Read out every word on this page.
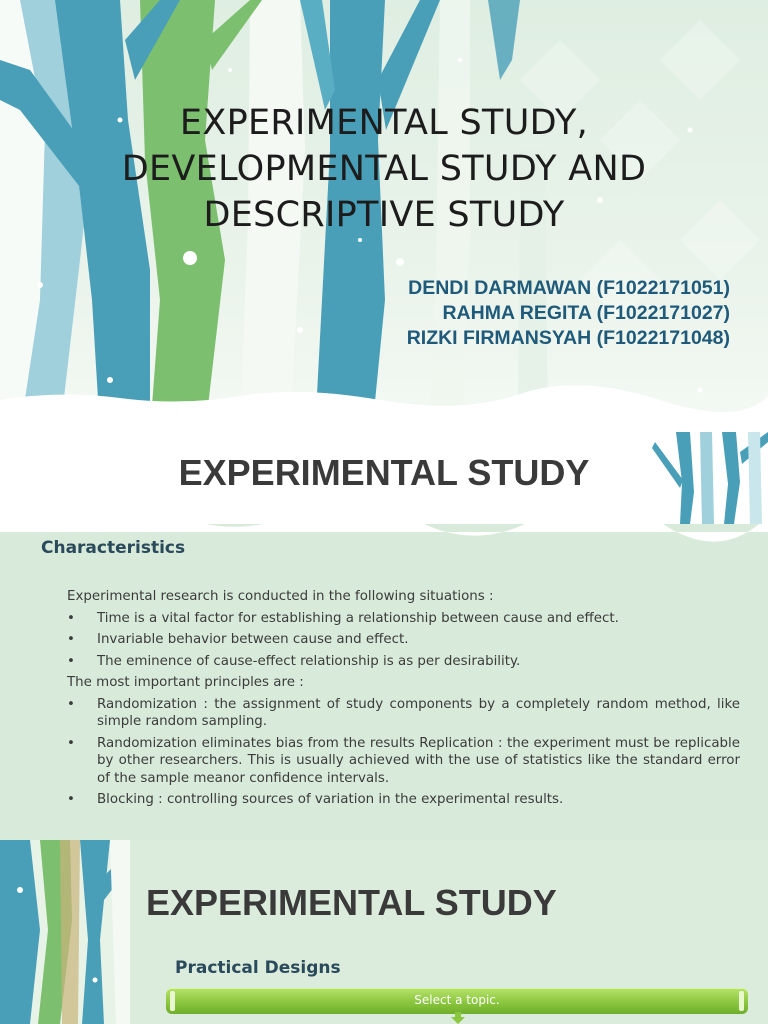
EXPERIMENTAL STUDY,
DEVELOPMENTAL STUDY AND
DESCRIPTIVE STUDY
DENDI DARMAWAN (F1022171051)
RAHMA REGITA (F1022171027)
RIZKI FIRMANSYAH (F1022171048)
Characteristics
EXPERIMENTAL STUDY

Experimental research is conducted in the following situations :

• Time is a vital factor for establishing a relationship between cause and effect.
• Invariable behavior between cause and effect.
• The eminence of cause-effect relationship is as per desirability.

The most important principles are :

• Randomization : the assignment of study components by a completely random method, like simple random sampling.
• Randomization eliminates bias from the results Replication : the experiment must be replicable by other researchers. This is usually achieved with the use of statistics like the standard error of the sample meanor confidence intervals.
• Blocking : controlling sources of variation in the experimental results.
Practical Designs
EXPERIMENTAL STUDY
Select a topic.
